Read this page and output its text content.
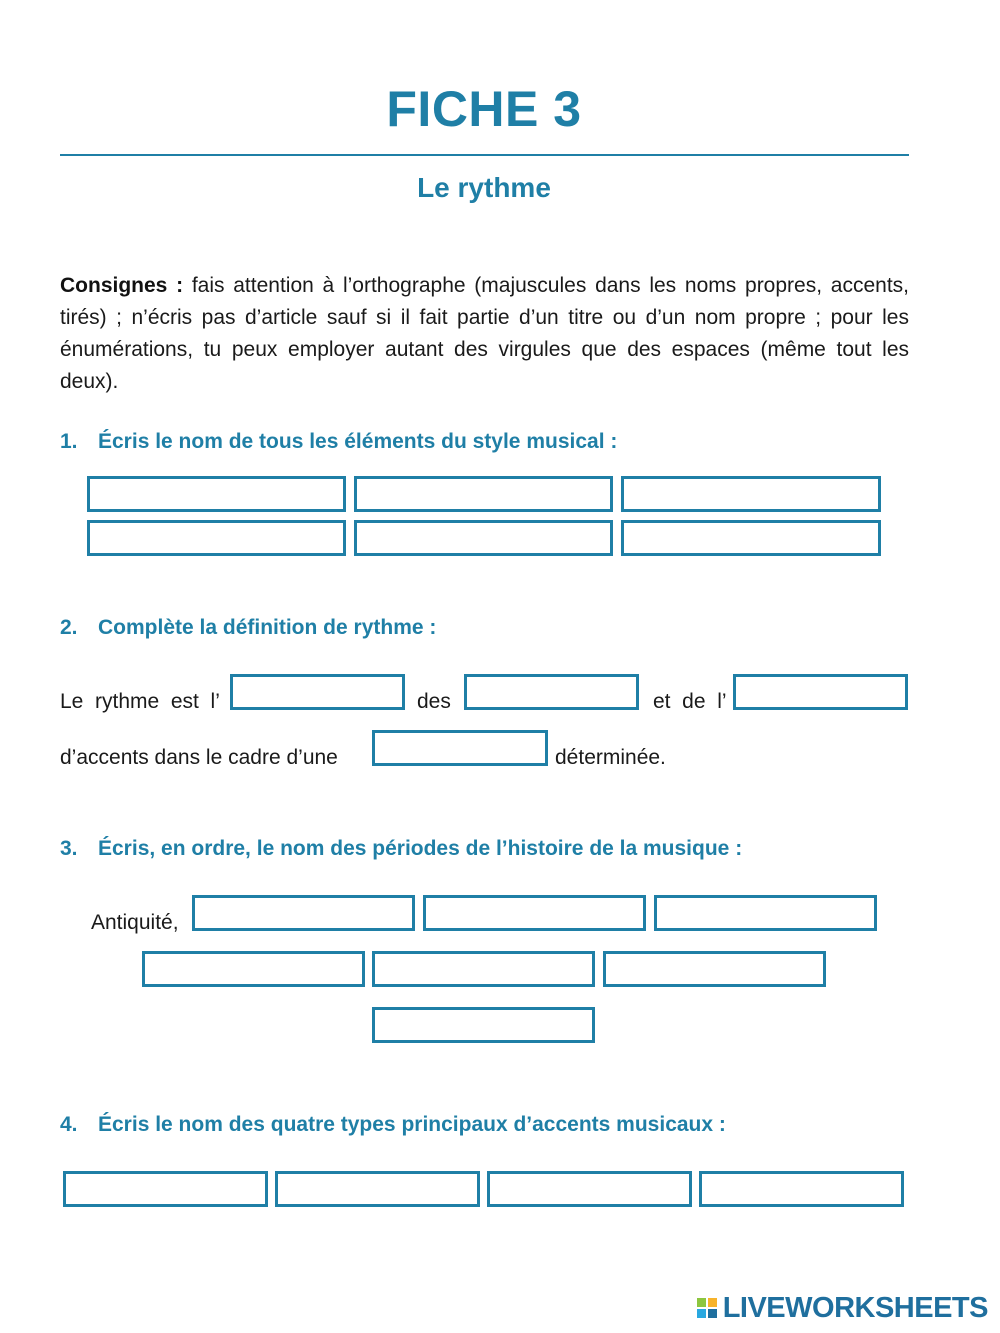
FICHE 3
Le rythme
Consignes : fais attention à l’orthographe (majuscules dans les noms propres, accents, tirés) ; n’écris pas d’article sauf si il fait partie d’un titre ou d’un nom propre ; pour les énumérations, tu peux employer autant des virgules que des espaces (même tout les deux).
1. Écris le nom de tous les éléments du style musical :
2. Complète la définition de rythme :
Le  rythme  est  l’	des	et  de  l’
d’accents dans le cadre d’une	déterminée.
3. Écris, en ordre, le nom des périodes de l’histoire de la musique :
Antiquité,
4. Écris le nom des quatre types principaux d’accents musicaux :
LIVEWORKSHEETS
